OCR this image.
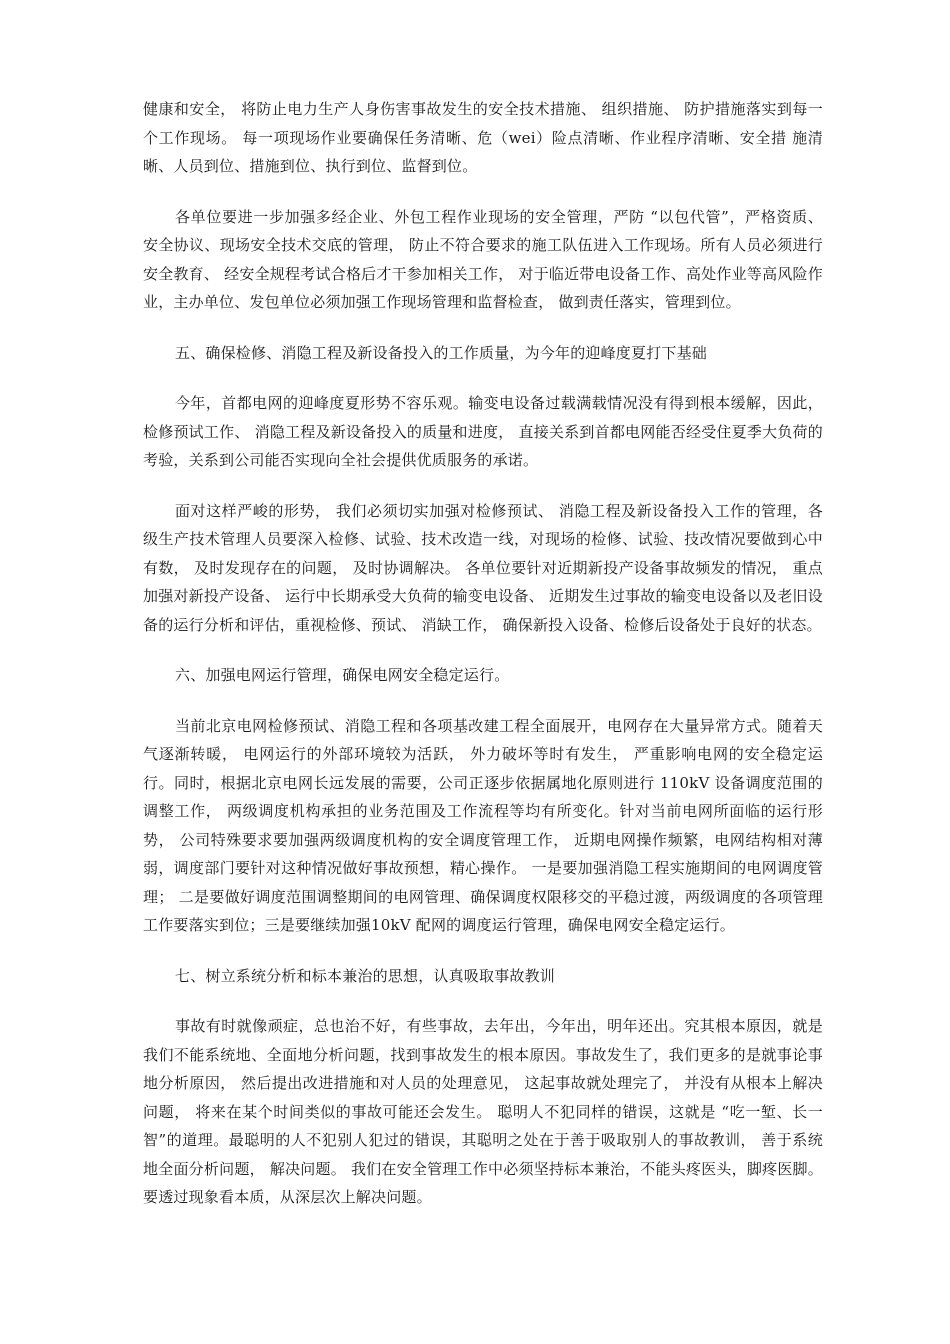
健康和安全， 将防止电力生产人身伤害事故发生的安全技术措施、 组织措施、 防护措施落实到每一个工作现场。 每一项现场作业要确保任务清晰、危（wei）险点清晰、作业程序清晰、安全措 施清晰、人员到位、措施到位、执行到位、监督到位。

各单位要进一步加强多经企业、外包工程作业现场的安全管理，严防 “以包代管”，严格资质、 安全协议、现场安全技术交底的管理， 防止不符合要求的施工队伍进入工作现场。所有人员必须进行安全教育、 经安全规程考试合格后才干参加相关工作， 对于临近带电设备工作、高处作业等高风险作业，主办单位、发包单位必须加强工作现场管理和监督检查， 做到责任落实，管理到位。

五、确保检修、消隐工程及新设备投入的工作质量，为今年的迎峰度夏打下基础

今年，首都电网的迎峰度夏形势不容乐观。输变电设备过载满载情况没有得到根本缓解，因此， 检修预试工作、 消隐工程及新设备投入的质量和进度， 直接关系到首都电网能否经受住夏季大负荷的考验，关系到公司能否实现向全社会提供优质服务的承诺。

面对这样严峻的形势， 我们必须切实加强对检修预试、 消隐工程及新设备投入工作的管理，各级生产技术管理人员要深入检修、试验、技术改造一线，对现场的检修、试验、技改情况要做到心中有数， 及时发现存在的问题， 及时协调解决。 各单位要针对近期新投产设备事故频发的情况， 重点加强对新投产设备、 运行中长期承受大负荷的输变电设备、 近期发生过事故的输变电设备以及老旧设备的运行分析和评估，重视检修、预试、 消缺工作， 确保新投入设备、检修后设备处于良好的状态。

六、加强电网运行管理，确保电网安全稳定运行。

当前北京电网检修预试、消隐工程和各项基改建工程全面展开，电网存在大量异常方式。随着天气逐渐转暖， 电网运行的外部环境较为活跃， 外力破坏等时有发生， 严重影响电网的安全稳定运行。同时，根据北京电网长远发展的需要，公司正逐步依据属地化原则进行 110kV 设备调度范围的调整工作， 两级调度机构承担的业务范围及工作流程等均有所变化。针对当前电网所面临的运行形势， 公司特殊要求要加强两级调度机构的安全调度管理工作， 近期电网操作频繁，电网结构相对薄弱，调度部门要针对这种情况做好事故预想，精心操作。 一是要加强消隐工程实施期间的电网调度管理； 二是要做好调度范围调整期间的电网管理、确保调度权限移交的平稳过渡，两级调度的各项管理工作要落实到位；三是要继续加强10kV 配网的调度运行管理，确保电网安全稳定运行。

七、树立系统分析和标本兼治的思想，认真吸取事故教训

事故有时就像顽症，总也治不好，有些事故，去年出，今年出，明年还出。究其根本原因，就是我们不能系统地、全面地分析问题，找到事故发生的根本原因。事故发生了，我们更多的是就事论事地分析原因， 然后提出改进措施和对人员的处理意见， 这起事故就处理完了， 并没有从根本上解决问题， 将来在某个时间类似的事故可能还会发生。 聪明人不犯同样的错误，这就是 “吃一堑、长一智”的道理。最聪明的人不犯别人犯过的错误，其聪明之处在于善于吸取别人的事故教训， 善于系统地全面分析问题， 解决问题。 我们在安全管理工作中必须坚持标本兼治，不能头疼医头，脚疼医脚。要透过现象看本质，从深层次上解决问题。
